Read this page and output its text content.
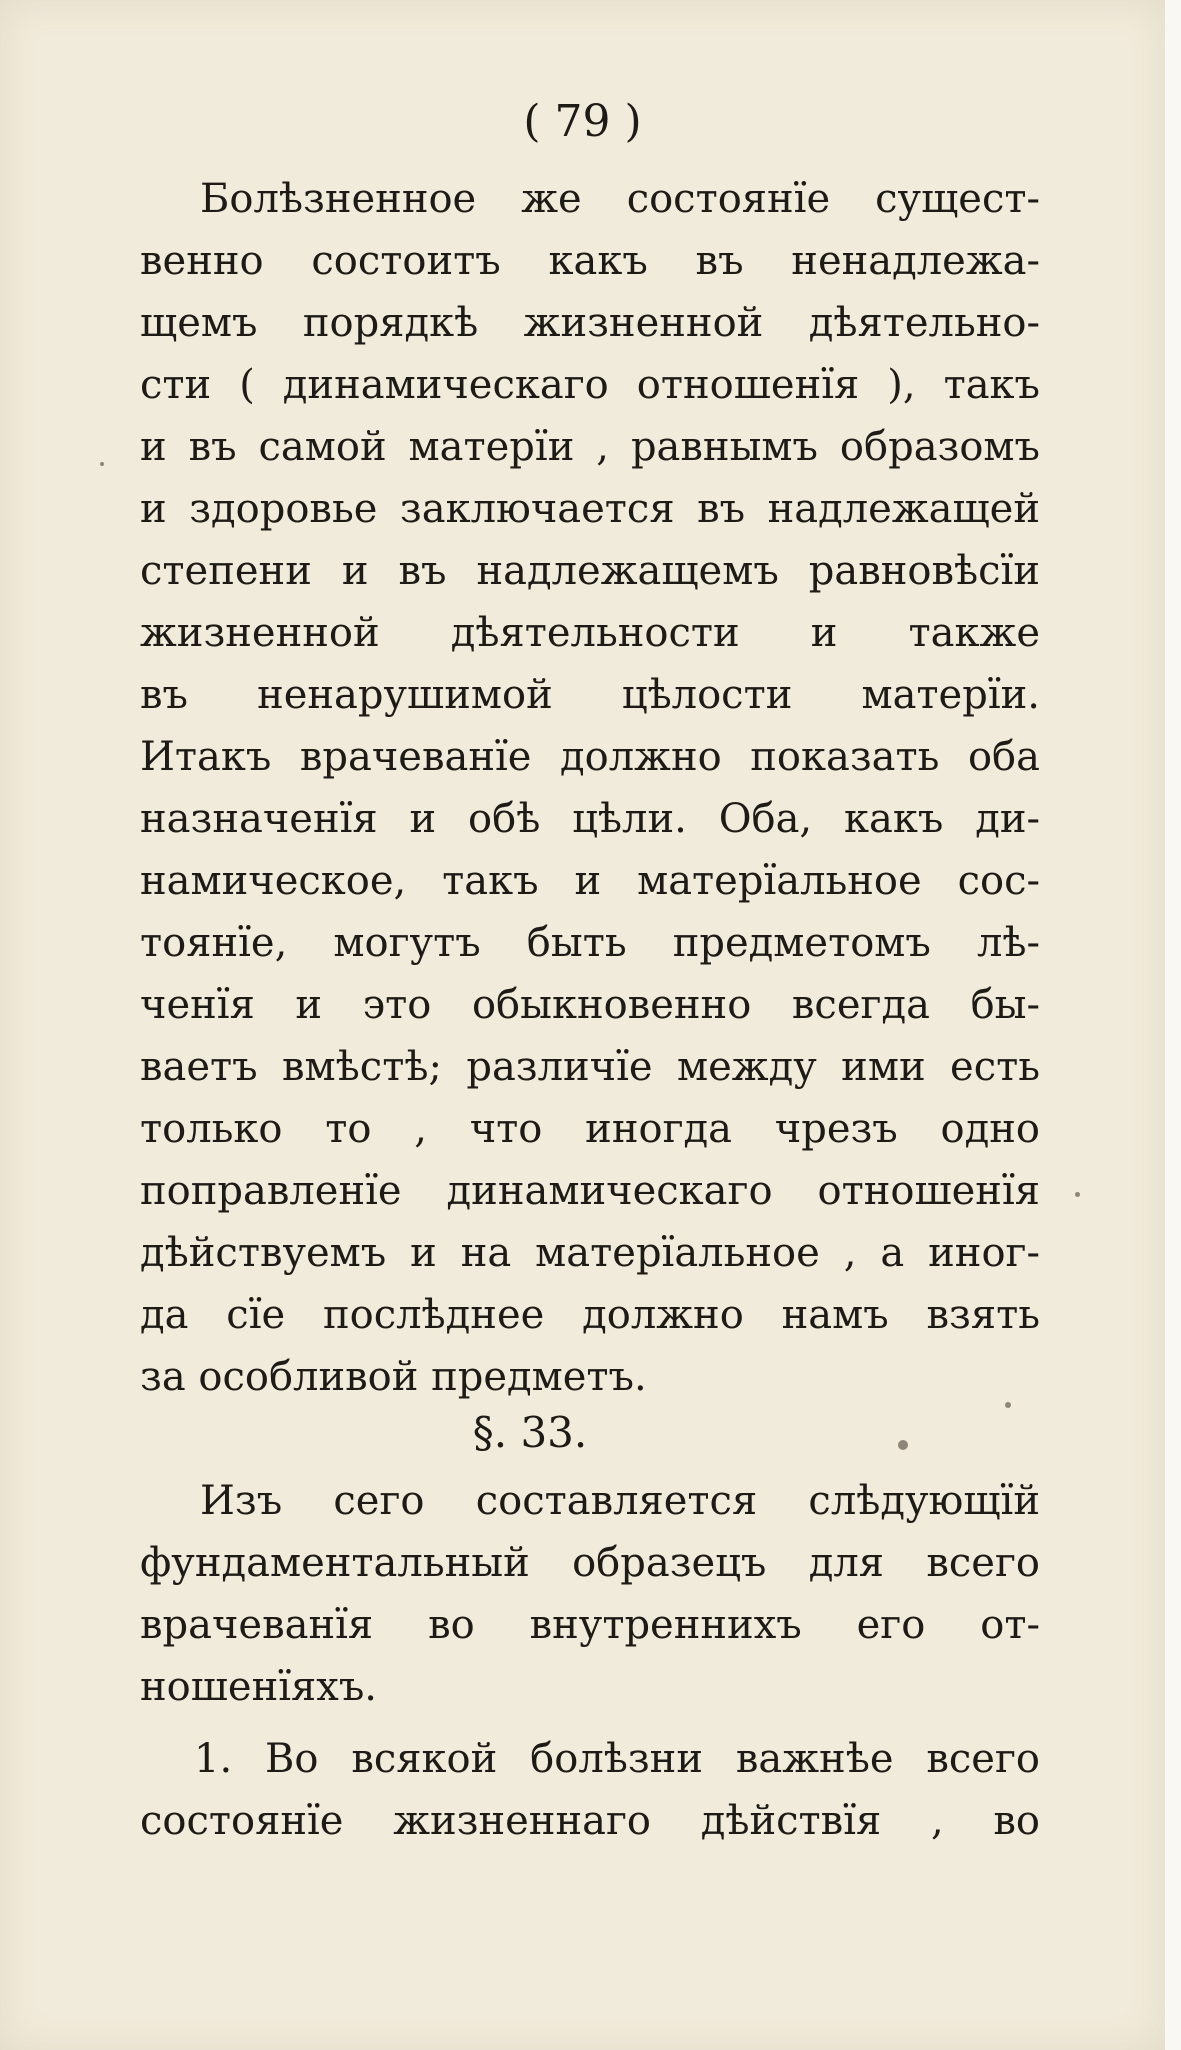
( 79 )
Болѣзненное же состоянїе сущест-
венно состоитъ какъ въ ненадлежа-
щемъ порядкѣ жизненной дѣятельно-
сти ( динамическаго отношенїя ), такъ
и въ самой матерїи , равнымъ образомъ
и здоровье заключается въ надлежащей
степени и въ надлежащемъ равновѣсїи
жизненной дѣятельности и также
въ ненарушимой цѣлости матерїи.
Итакъ врачеванїе должно показать оба
назначенїя и обѣ цѣли. Оба, какъ ди-
намическое, такъ и матерїальное сос-
тоянїе, могутъ быть предметомъ лѣ-
ченїя и это обыкновенно всегда бы-
ваетъ вмѣстѣ; различїе между ими есть
только то , что иногда чрезъ одно
поправленїе динамическаго отношенїя
дѣйствуемъ и на матерїальное , а иног-
да сїе послѣднее должно намъ взять
за особливой предметъ.
§. 33.
Изъ сего составляется слѣдующїй
фундаментальный образецъ для всего
врачеванїя во внутреннихъ его от-
ношенїяхъ.
1. Во всякой болѣзни важнѣе всего
состоянїе жизненнаго дѣйствїя , во
